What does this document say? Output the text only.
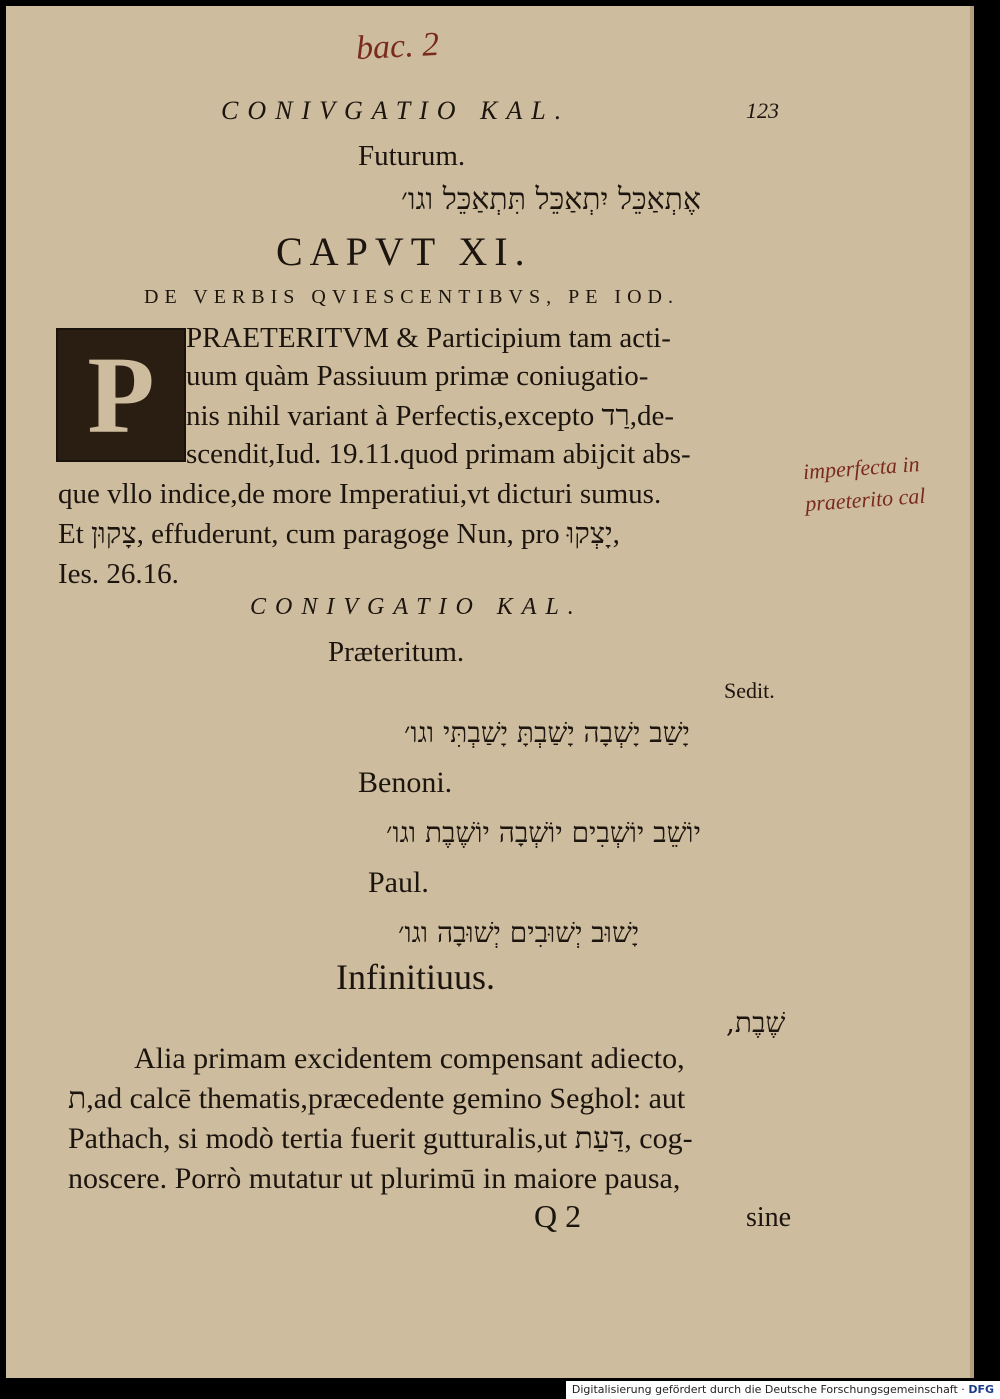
bac. 2
CONIVGATIO KAL.	123
Futurum.
אֶתְאַכֵּל יִתְאַכֵּל תִּתְאַכֵּל וגו׳
CAPVT XI.
DE VERBIS QVIESCENTIBVS, PE IOD.
P	PRAETERITVM & Participium tam acti-
uum quàm Passiuum primæ coniugatio-
nis nihil variant à Perfectis,excepto רַד,de-
scendit,Iud. 19.11.quod primam abijcit abs-
que vllo indice,de more Imperatiui,vt dicturi sumus.
Et צָקוּן, effuderunt, cum paragoge Nun, pro יָצְקוּ,
Ies. 26.16.
imperfecta in
praeterito cal
CONIVGATIO KAL.
Præteritum.
Sedit.
יָשַׁב יָשְׁבָה יָשַׁבְתָּ יָשַׁבְתִּי וגו׳
Benoni.
יוֹשֵׁב יוֹשְׁבִים יוֹשְׁבָה יוֹשֶׁבֶת וגו׳
Paul.
יָשׁוּב יְשׁוּבִים יְשׁוּבָה וגו׳
Infinitiuus.
שֶׁבֶת,
Alia primam excidentem compensant adiecto,
ת,ad calcē thematis,præcedente gemino Seghol: aut
Pathach, si modò tertia fuerit gutturalis,ut דַּעַת, cog-
noscere. Porrò mutatur ut plurimū in maiore pausa,
Q 2	sine
Digitalisierung gefördert durch die Deutsche Forschungsgemeinschaft · DFG
